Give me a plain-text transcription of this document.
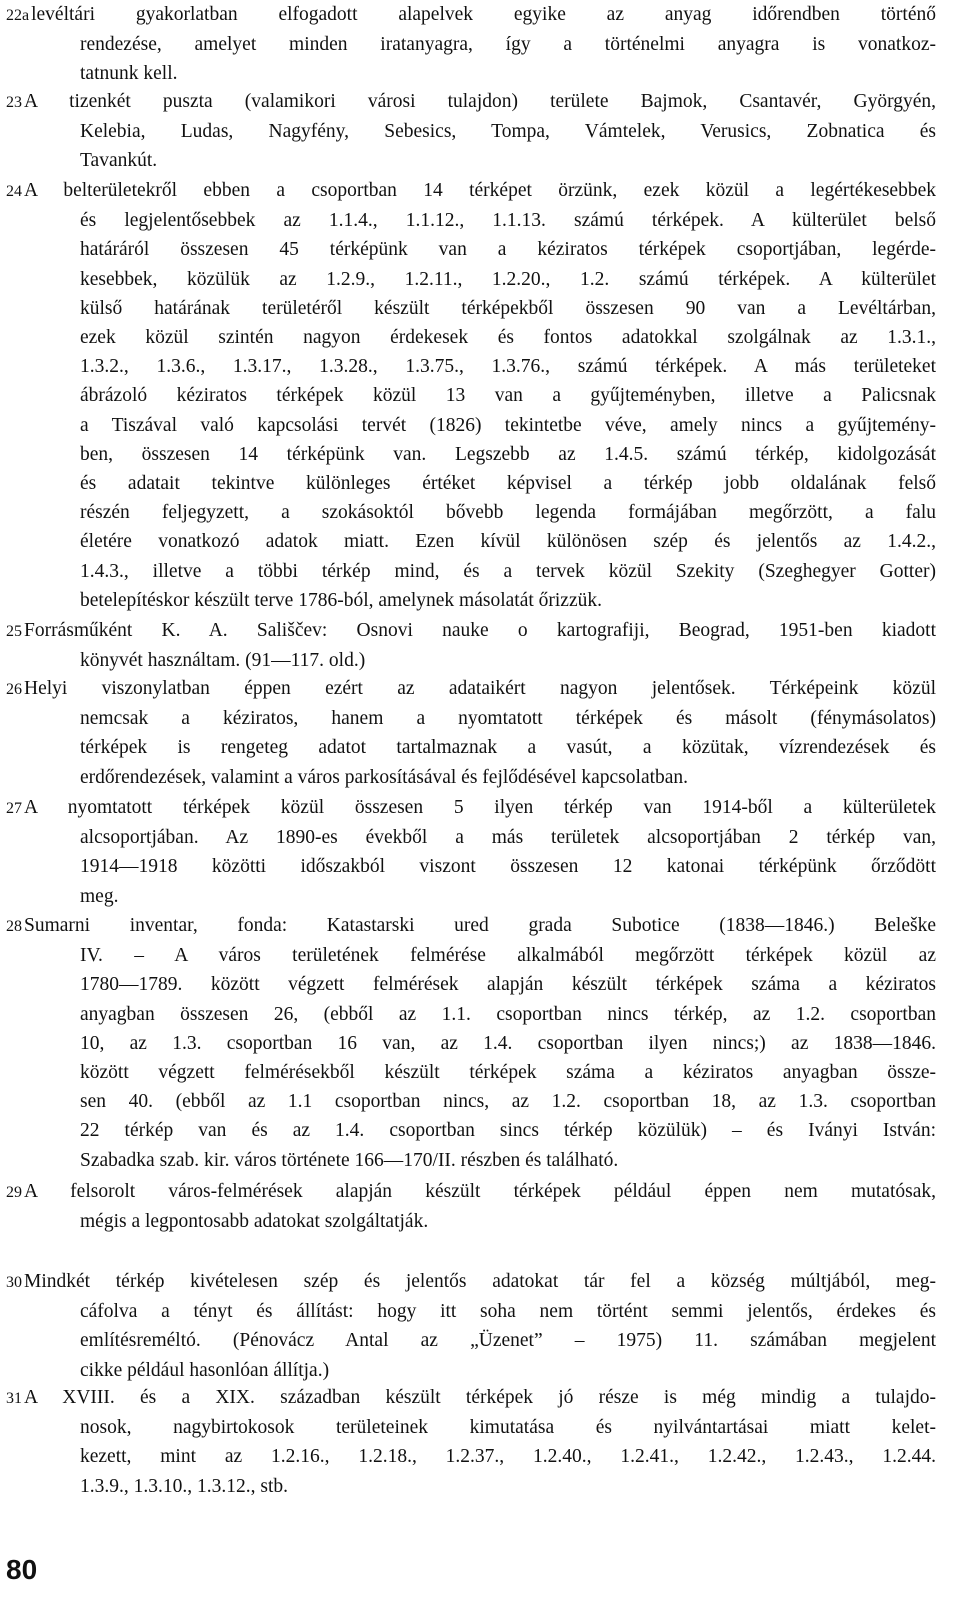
22a levéltári gyakorlatban elfogadott alapelvek egyike az anyag időrendben történő
rendezése, amelyet minden iratanyagra, így a történelmi anyagra is vonatkoz-
tatnunk kell.
23 A tizenkét puszta (valamikori városi tulajdon) területe Bajmok, Csantavér, Györgyén,
Kelebia, Ludas, Nagyfény, Sebesics, Tompa, Vámtelek, Verusics, Zobnatica és
Tavankút.
24 A belterületekről ebben a csoportban 14 térképet örzünk, ezek közül a legértékesebbek
és legjelentősebbek az 1.1.4., 1.1.12., 1.1.13. számú térképek. A külterület belső
határáról összesen 45 térképünk van a kéziratos térképek csoportjában, legérde-
kesebbek, közülük az 1.2.9., 1.2.11., 1.2.20., 1.2. számú térképek. A külterület
külső határának területéről készült térképekből összesen 90 van a Levéltárban,
ezek közül szintén nagyon érdekesek és fontos adatokkal szolgálnak az 1.3.1.,
1.3.2., 1.3.6., 1.3.17., 1.3.28., 1.3.75., 1.3.76., számú térképek. A más területeket
ábrázoló kéziratos térképek közül 13 van a gyűjteményben, illetve a Palicsnak
a Tiszával való kapcsolási tervét (1826) tekintetbe véve, amely nincs a gyűjtemény-
ben, összesen 14 térképünk van. Legszebb az 1.4.5. számú térkép, kidolgozását
és adatait tekintve különleges értéket képvisel a térkép jobb oldalának felső
részén feljegyzett, a szokásoktól bővebb legenda formájában megőrzött, a falu
életére vonatkozó adatok miatt. Ezen kívül különösen szép és jelentős az 1.4.2.,
1.4.3., illetve a többi térkép mind, és a tervek közül Szekity (Szeghegyer Gotter)
betelepítéskor készült terve 1786-ból, amelynek másolatát őrizzük.
25 Forrásműként K. A. Sališčev: Osnovi nauke o kartografiji, Beograd, 1951-ben kiadott
könyvét használtam. (91—117. old.)
26 Helyi viszonylatban éppen ezért az adataikért nagyon jelentősek. Térképeink közül
nemcsak a kéziratos, hanem a nyomtatott térképek és másolt (fénymásolatos)
térképek is rengeteg adatot tartalmaznak a vasút, a közütak, vízrendezések és
erdőrendezések, valamint a város parkosításával és fejlődésével kapcsolatban.
27 A nyomtatott térképek közül összesen 5 ilyen térkép van 1914-ből a külterületek
alcsoportjában. Az 1890-es évekből a más területek alcsoportjában 2 térkép van,
1914—1918 közötti időszakból viszont összesen 12 katonai térképünk őrződött
meg.
28 Sumarni inventar, fonda: Katastarski ured grada Subotice (1838—1846.) Beleške
IV. – A város területének felmérése alkalmából megőrzött térképek közül az
1780—1789. között végzett felmérések alapján készült térképek száma a kéziratos
anyagban összesen 26, (ebből az 1.1. csoportban nincs térkép, az 1.2. csoportban
10, az 1.3. csoportban 16 van, az 1.4. csoportban ilyen nincs;) az 1838—1846.
között végzett felmérésekből készült térképek száma a kéziratos anyagban össze-
sen 40. (ebből az 1.1 csoportban nincs, az 1.2. csoportban 18, az 1.3. csoportban
22 térkép van és az 1.4. csoportban sincs térkép közülük) – és Iványi István:
Szabadka szab. kir. város története 166—170/II. részben és található.
29 A felsorolt város-felmérések alapján készült térképek például éppen nem mutatósak,
mégis a legpontosabb adatokat szolgáltatják.
30 Mindkét térkép kivételesen szép és jelentős adatokat tár fel a község múltjából, meg-
cáfolva a tényt és állítást: hogy itt soha nem történt semmi jelentős, érdekes és
említésreméltó. (Pénovácz Antal az „Üzenet” – 1975) 11. számában megjelent
cikke például hasonlóan állítja.)
31 A XVIII. és a XIX. században készült térképek jó része is még mindig a tulajdo-
nosok, nagybirtokosok területeinek kimutatása és nyilvántartásai miatt kelet-
kezett, mint az 1.2.16., 1.2.18., 1.2.37., 1.2.40., 1.2.41., 1.2.42., 1.2.43., 1.2.44.
1.3.9., 1.3.10., 1.3.12., stb.
80
